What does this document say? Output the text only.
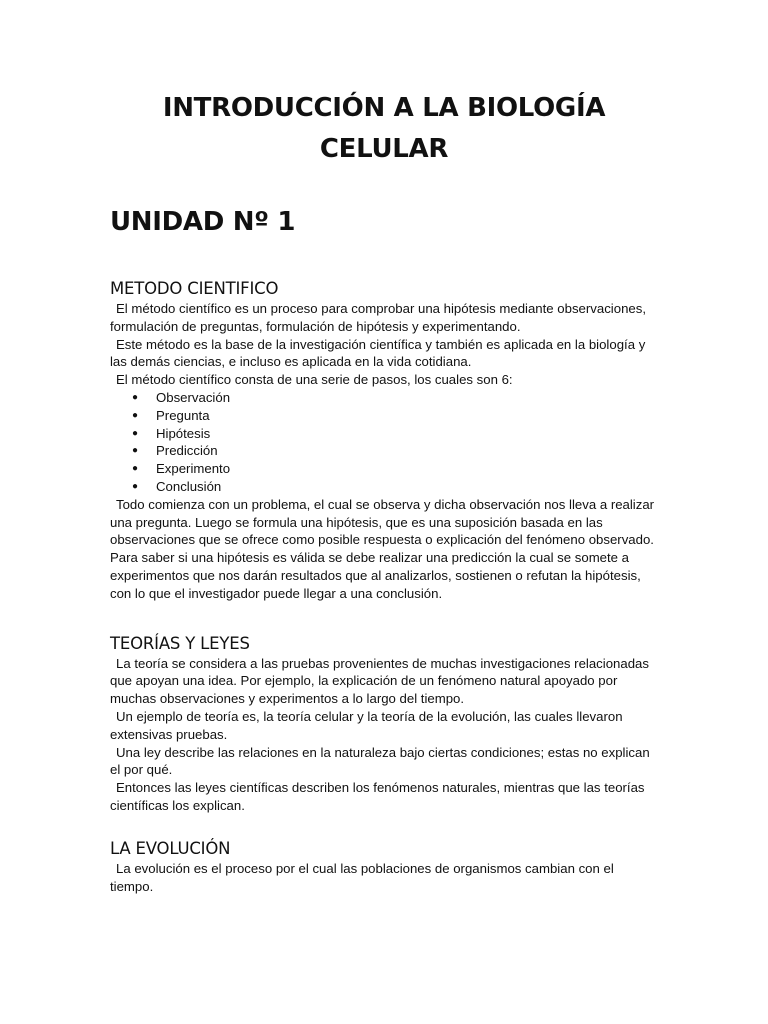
INTRODUCCIÓN A LA BIOLOGÍA CELULAR
UNIDAD Nº 1
METODO CIENTIFICO

El método científico es un proceso para comprobar una hipótesis mediante observaciones, formulación de preguntas, formulación de hipótesis y experimentando.

Este método es la base de la investigación científica y también es aplicada en la biología y las demás ciencias, e incluso es aplicada en la vida cotidiana.

El método científico consta de una serie de pasos, los cuales son 6:

●	Observación
●	Pregunta
●	Hipótesis
●	Predicción
●	Experimento
●	Conclusión

Todo comienza con un problema, el cual se observa y dicha observación nos lleva a realizar una pregunta. Luego se formula una hipótesis, que es una suposición basada en las observaciones que se ofrece como posible respuesta o explicación del fenómeno observado. Para saber si una hipótesis es válida se debe realizar una predicción la cual se somete a experimentos que nos darán resultados que al analizarlos, sostienen o refutan la hipótesis, con lo que el investigador puede llegar a una conclusión.

TEORÍAS Y LEYES

La teoría se considera a las pruebas provenientes de muchas investigaciones relacionadas que apoyan una idea. Por ejemplo, la explicación de un fenómeno natural apoyado por muchas observaciones y experimentos a lo largo del tiempo.

Un ejemplo de teoría es, la teoría celular y la teoría de la evolución, las cuales llevaron extensivas pruebas.

Una ley describe las relaciones en la naturaleza bajo ciertas condiciones; estas no explican el por qué.

Entonces las leyes científicas describen los fenómenos naturales, mientras que las teorías científicas los explican.

LA EVOLUCIÓN

La evolución es el proceso por el cual las poblaciones de organismos cambian con el tiempo.
